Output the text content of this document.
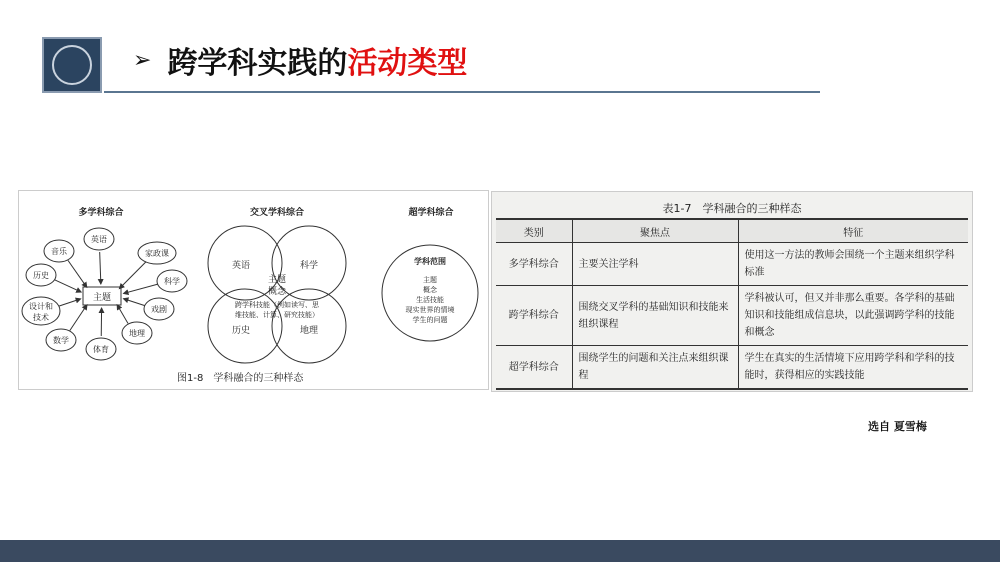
➢ 跨学科实践的 活动类型
多学科综合
主题
英语
家政课
科学
戏剧
地理
体育
数学
设计和
技术
历史
音乐
交叉学科综合
英语	科学
历史	地理
主题
概念
跨学科技能（例如读写、思
维技能、计算、研究技能）
超学科综合
学科范围
主题
概念
生活技能
现实世界的情境
学生的问题
图1-8　学科融合的三种样态
表1-7　学科融合的三种样态
类别	聚焦点	特征
多学科综合	主要关注学科	使用这一方法的教师会围绕一个主题来组织学科标准
跨学科综合	围绕交叉学科的基础知识和技能来组织课程	学科被认可，但又并非那么重要。各学科的基础知识和技能组成信息块，以此强调跨学科的技能和概念
超学科综合	围绕学生的问题和关注点来组织课程	学生在真实的生活情境下应用跨学科和学科的技能时，获得相应的实践技能
选自 夏雪梅
